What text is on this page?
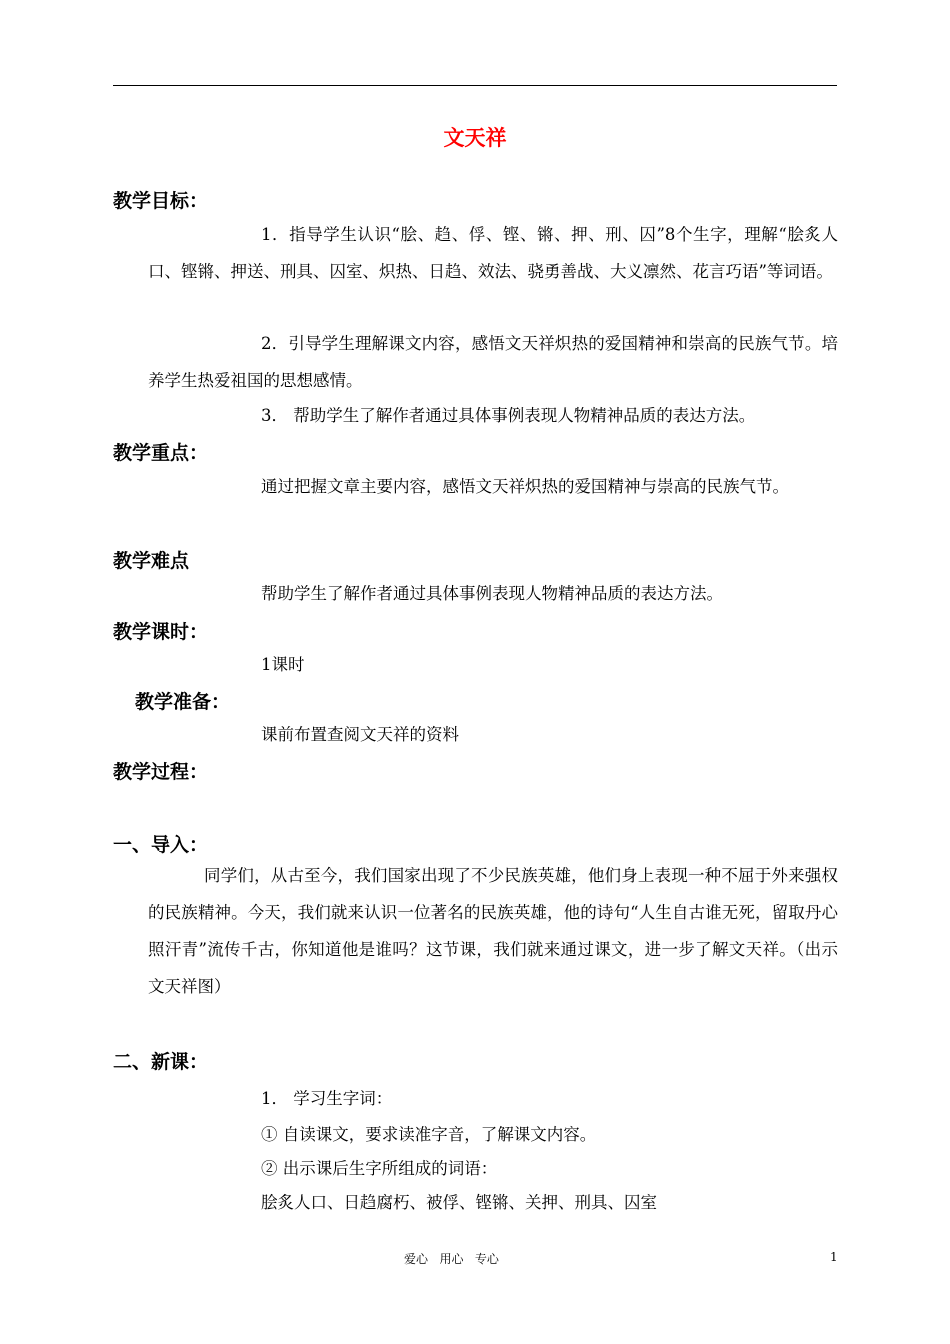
文天祥
教学目标：

1．指导学生认识“脍、趋、俘、铿、锵、押、刑、囚”8个生字，理解“脍炙人口、铿锵、押送、刑具、囚室、炽热、日趋、效法、骁勇善战、大义凛然、花言巧语”等词语。

2．引导学生理解课文内容，感悟文天祥炽热的爱国精神和崇高的民族气节。培养学生热爱祖国的思想感情。

3． 帮助学生了解作者通过具体事例表现人物精神品质的表达方法。
教学重点：

通过把握文章主要内容，感悟文天祥炽热的爱国精神与崇高的民族气节。

教学难点
帮助学生了解作者通过具体事例表现人物精神品质的表达方法。
教学课时：
1课时
教学准备：
课前布置查阅文天祥的资料
教学过程：
一、导入：

同学们，从古至今，我们国家出现了不少民族英雄，他们身上表现一种不屈于外来强权的民族精神。今天，我们就来认识一位著名的民族英雄，他的诗句“人生自古谁无死，留取丹心照汗青”流传千古，你知道他是谁吗？这节课，我们就来通过课文，进一步了解文天祥。（出示文天祥图）

二、新课：
1． 学习生字词：
① 自读课文，要求读准字音，了解课文内容。
② 出示课后生字所组成的词语：
脍炙人口、日趋腐朽、被俘、铿锵、关押、刑具、囚室
爱心   用心   专心	1
